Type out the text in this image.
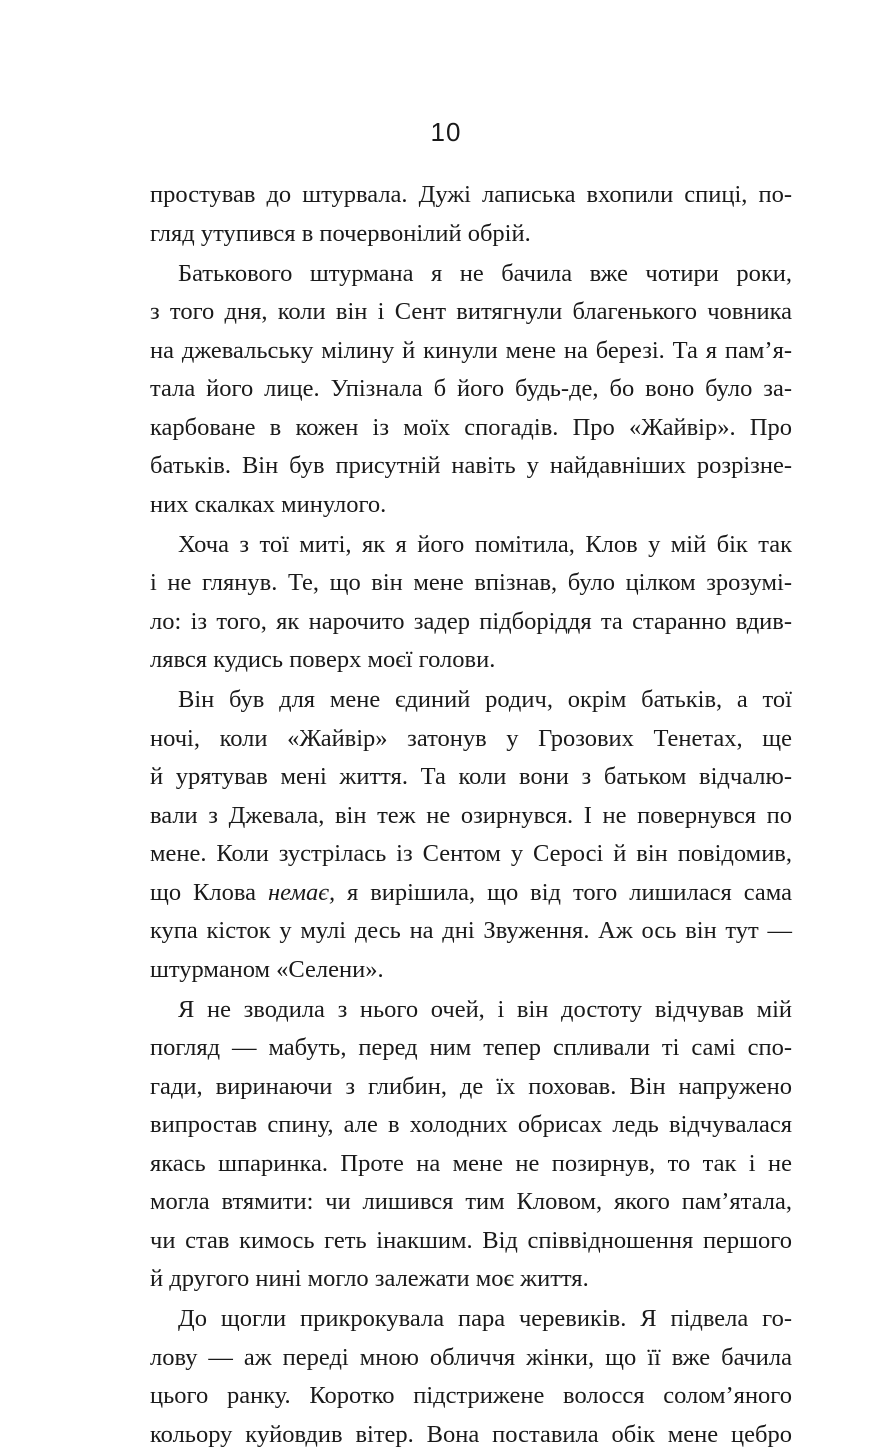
10
простував до штурвала. Дужі лаписька вхопили спиці, по-
гляд утупився в почервонілий обрій.
Батькового штурмана я не бачила вже чотири роки,
з того дня, коли він і Сент витягнули благенького човника
на джевальську мілину й кинули мене на березі. Та я пам’я-
тала його лице. Упізнала б його будь-де, бо воно було за-
карбоване в кожен із моїх спогадів. Про «Жайвір». Про
батьків. Він був присутній навіть у найдавніших розрізне-
них скалках минулого.
Хоча з тої миті, як я його помітила, Клов у мій бік так
і не глянув. Те, що він мене впізнав, було цілком зрозумі-
ло: із того, як нарочито задер підборіддя та старанно вдив-
лявся кудись поверх моєї голови.
Він був для мене єдиний родич, окрім батьків, а тої
ночі, коли «Жайвір» затонув у Грозових Тенетах, ще
й урятував мені життя. Та коли вони з батьком відчалю-
вали з Джевала, він теж не озирнувся. І не повернувся по
мене. Коли зустрілась із Сентом у Серосі й він повідомив,
що Клова немає, я вирішила, що від того лишилася сама
купа кісток у мулі десь на дні Звуження. Аж ось він тут —
штурманом «Селени».
Я не зводила з нього очей, і він достоту відчував мій
погляд — мабуть, перед ним тепер спливали ті самі спо-
гади, виринаючи з глибин, де їх поховав. Він напружено
випростав спину, але в холодних обрисах ледь відчувалася
якась шпаринка. Проте на мене не позирнув, то так і не
могла втямити: чи лишився тим Кловом, якого пам’ятала,
чи став кимось геть інакшим. Від співвідношення першого
й другого нині могло залежати моє життя.
До щогли прикрокувала пара черевиків. Я підвела го-
лову — аж переді мною обличчя жінки, що її вже бачила
цього ранку. Коротко підстрижене волосся солом’яного
кольору куйовдив вітер. Вона поставила обік мене цебро
